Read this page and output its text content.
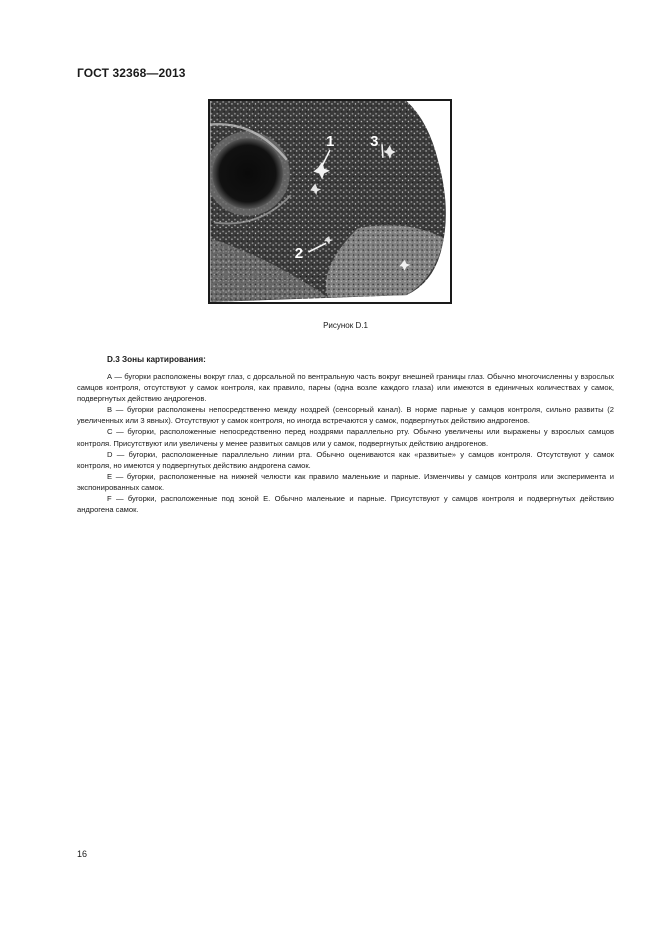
ГОСТ 32368—2013
1 3
2
Рисунок D.1
D.3 Зоны картирования:

А — бугорки расположены вокруг глаз, с дорсальной по вентральную часть вокруг внешней границы глаз. Обычно многочисленны у взрослых самцов контроля, отсутствуют у самок контроля, как правило, парны (одна возле каждого глаза) или имеются в единичных количествах у самок, подвергнутых действию андрогенов.

В — бугорки расположены непосредственно между ноздрей (сенсорный канал). В норме парные у самцов контроля, сильно развиты (2 увеличенных или 3 явных). Отсутствуют у самок контроля, но иногда встречаются у самок, подвергнутых действию андрогенов.

С — бугорки, расположенные непосредственно перед ноздрями параллельно рту. Обычно увеличены или выражены у взрослых самцов контроля. Присутствуют или увеличены у менее развитых самцов или у самок, подвергнутых действию андрогенов.

D — бугорки, расположенные параллельно линии рта. Обычно оцениваются как «развитые» у самцов контроля. Отсутствуют у самок контроля, но имеются у подвергнутых действию андрогена самок.

Е — бугорки, расположенные на нижней челюсти как правило маленькие и парные. Изменчивы у самцов контроля или эксперимента и экспонированных самок.

F — бугорки, расположенные под зоной Е. Обычно маленькие и парные. Присутствуют у самцов контроля и подвергнутых действию андрогена самок.

16
